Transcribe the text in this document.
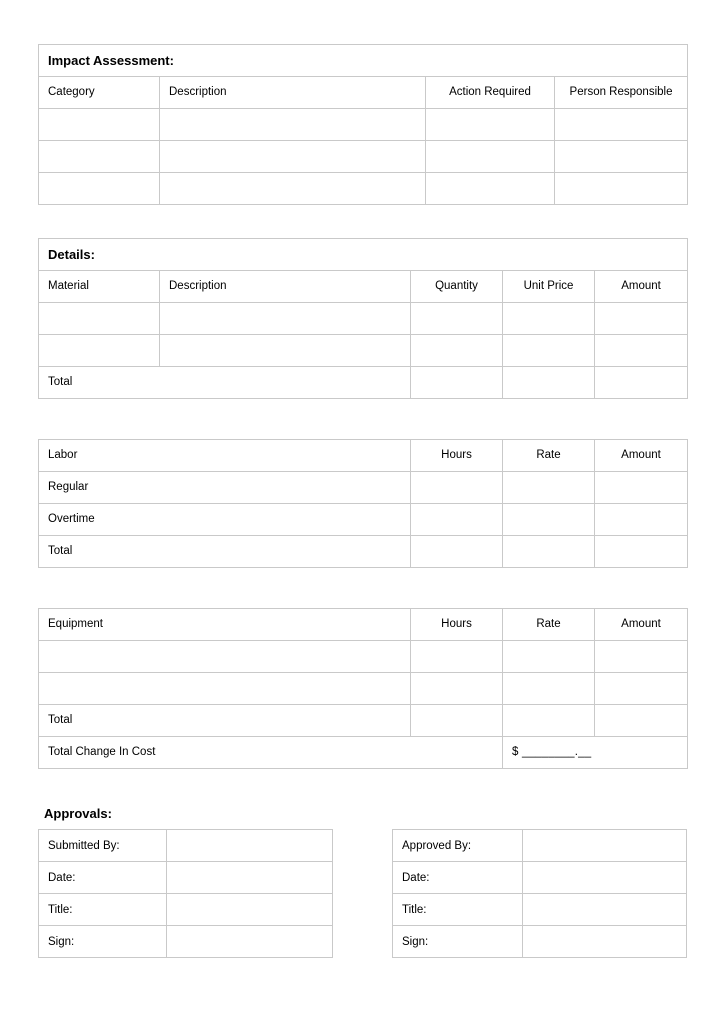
Impact Assessment:			
Category	Description	Action Required	Person Responsible

Details:				
Material	Description	Quantity	Unit Price	Amount

Total				
Labor	Hours	Rate	Amount
Regular			
Overtime			
Total			
Equipment	Hours	Rate	Amount

Total			
Total Change In Cost		$ ________.__	
Approvals:
Submitted By:	
Date:	
Title:	
Sign:	
Approved By:	
Date:	
Title:	
Sign:	
